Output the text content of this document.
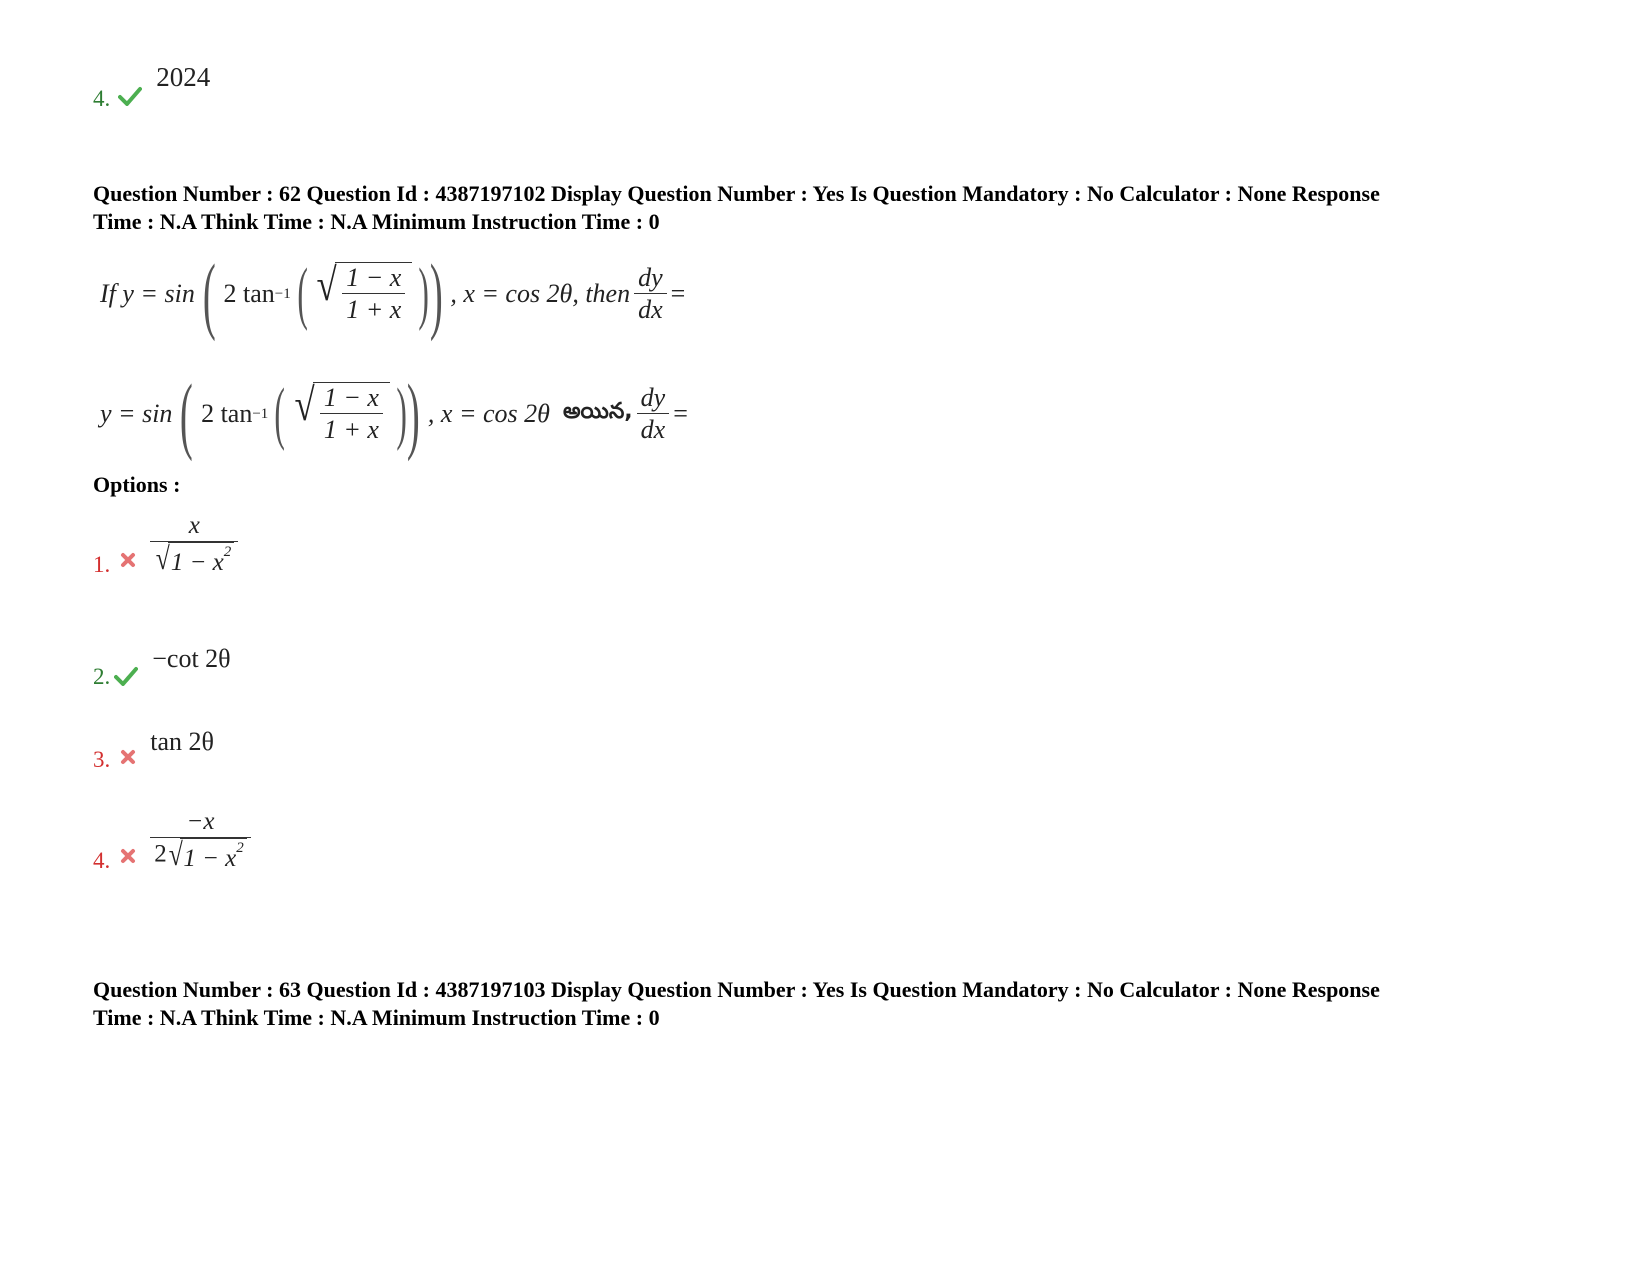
4.  2024
Question Number : 62 Question Id : 4387197102 Display Question Number : Yes Is Question Mandatory : No Calculator : None Response
Time : N.A Think Time : N.A Minimum Instruction Time : 0
If
y = sin ( 2 tan −1 ( √ $\frac{1 - x}{1 + x}$ ) ) , x = cos 2θ,
then $\frac{dy}{dx}$ =
y = sin ( 2 tan −1 ( √ $\frac{1 - x}{1 + x}$ ) ) , x = cos 2θ
అయిన, $\frac{dy}{dx}$ =
Options :
1. $\frac{x}{√ 1 - x^2}$
2.
−cot 2θ
3.
tan 2θ
4. $\frac{-x}{2 √ 1 - x^2}$
Question Number : 63 Question Id : 4387197103 Display Question Number : Yes Is Question Mandatory : No Calculator : None Response
Time : N.A Think Time : N.A Minimum Instruction Time : 0
